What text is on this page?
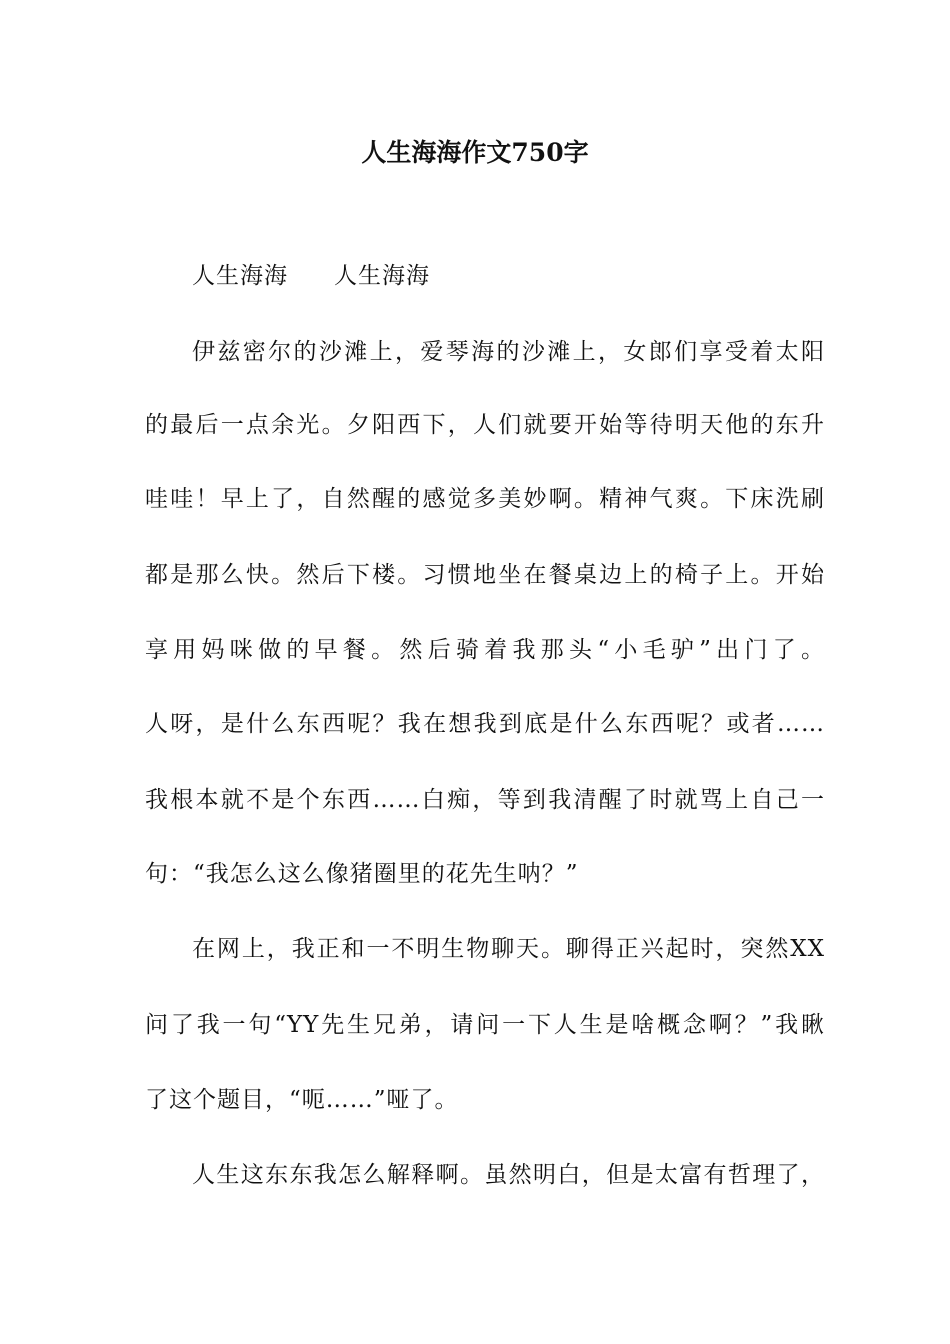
人生海海作文750字
人生海海 人生海海
伊兹密尔的沙滩上，爱琴海的沙滩上，女郎们享受着太阳
的最后一点余光。夕阳西下，人们就要开始等待明天他的东升
哇哇！早上了，自然醒的感觉多美妙啊。精神气爽。下床洗刷
都是那么快。然后下楼。习惯地坐在餐桌边上的椅子上。开始
享用妈咪做的早餐。然后骑着我那头“小毛驴”出门了。
人呀，是什么东西呢？我在想我到底是什么东西呢？或者……
我根本就不是个东西……白痴，等到我清醒了时就骂上自己一
句：“我怎么这么像猪圈里的花先生呐？”
在网上，我正和一不明生物聊天。聊得正兴起时，突然XX
问了我一句“YY先生兄弟，请问一下人生是啥概念啊？”我瞅
了这个题目，“呃……”哑了。
人生这东东我怎么解释啊。虽然明白，但是太富有哲理了，
